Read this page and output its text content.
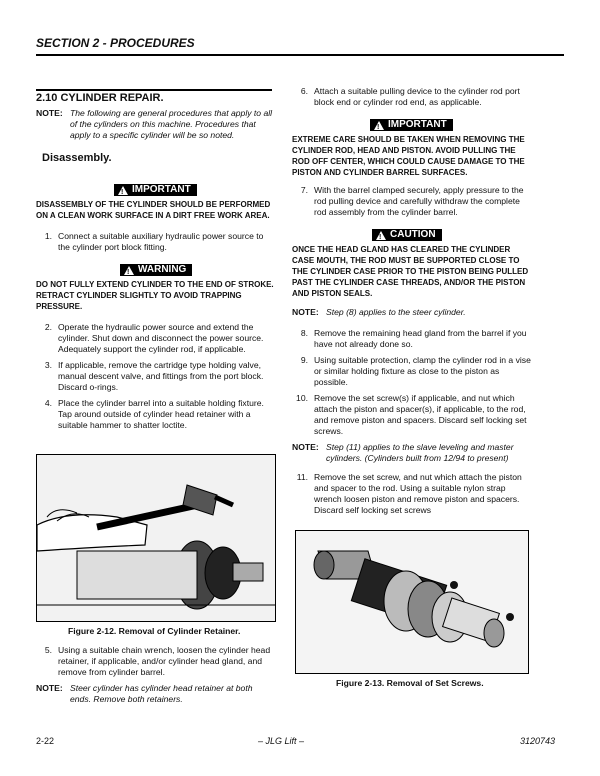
SECTION 2 - PROCEDURES
2.10 CYLINDER REPAIR.
NOTE: The following are general procedures that apply to all of the cylinders on this machine. Procedures that apply to a specific cylinder will be so noted.
Disassembly.
!
IMPORTANT
DISASSEMBLY OF THE CYLINDER SHOULD BE PERFORMED ON A CLEAN WORK SURFACE IN A DIRT FREE WORK AREA.
1. Connect a suitable auxiliary hydraulic power source to the cylinder port block fitting.
!
WARNING
DO NOT FULLY EXTEND CYLINDER TO THE END OF STROKE. RETRACT CYLINDER SLIGHTLY TO AVOID TRAPPING PRESSURE.
2. Operate the hydraulic power source and extend the cylinder. Shut down and disconnect the power source. Adequately support the cylinder rod, if applicable.
3. If applicable, remove the cartridge type holding valve, manual descent valve, and fittings from the port block. Discard o-rings.
4. Place the cylinder barrel into a suitable holding fixture. Tap around outside of cylinder head retainer with a suitable hammer to shatter loctite.
Figure 2-12. Removal of Cylinder Retainer.
5. Using a suitable chain wrench, loosen the cylinder head retainer, if applicable, and/or cylinder head gland, and remove from cylinder barrel.
NOTE: Steer cylinder has cylinder head retainer at both ends. Remove both retainers.
6. Attach a suitable pulling device to the cylinder rod port block end or cylinder rod end, as applicable.
!
IMPORTANT
EXTREME CARE SHOULD BE TAKEN WHEN REMOVING THE CYLINDER ROD, HEAD AND PISTON. AVOID PULLING THE ROD OFF CENTER, WHICH COULD CAUSE DAMAGE TO THE PISTON AND CYLINDER BARREL SURFACES.
7. With the barrel clamped securely, apply pressure to the rod pulling device and carefully withdraw the complete rod assembly from the cylinder barrel.
!
CAUTION
ONCE THE HEAD GLAND HAS CLEARED THE CYLINDER CASE MOUTH, THE ROD MUST BE SUPPORTED CLOSE TO THE CYLINDER CASE PRIOR TO THE PISTON BEING PULLED PAST THE CYLINDER CASE THREADS, AND/OR THE PISTON AND PISTON SEALS.
NOTE: Step (8) applies to the steer cylinder.
8. Remove the remaining head gland from the barrel if you have not already done so.
9. Using suitable protection, clamp the cylinder rod in a vise or similar holding fixture as close to the piston as possible.
10. Remove the set screw(s) if applicable, and nut which attach the piston and spacer(s), if applicable, to the rod, and remove piston and spacers. Discard self locking set screws.
NOTE: Step (11) applies to the slave leveling and master cylinders. (Cylinders built from 12/94 to present)
11. Remove the set screw, and nut which attach the piston and spacer to the rod. Using a suitable nylon strap wrench loosen piston and remove piston and spacers. Discard self locking set screws
Figure 2-13. Removal of Set Screws.
2-22	– JLG Lift –	3120743
